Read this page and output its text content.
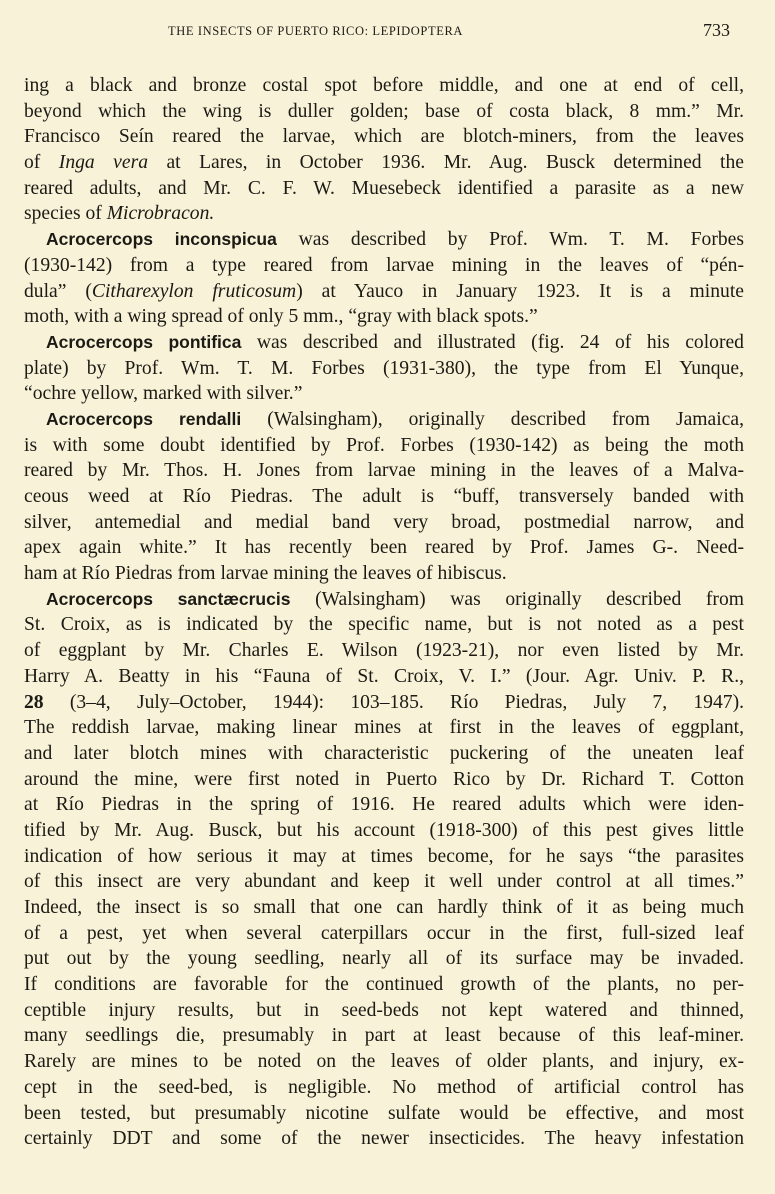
THE INSECTS OF PUERTO RICO: LEPIDOPTERA	733
ing a black and bronze costal spot before middle, and one at end of cell,
beyond which the wing is duller golden; base of costa black, 8 mm.” Mr.
Francisco Seín reared the larvae, which are blotch-miners, from the leaves
of Inga vera at Lares, in October 1936. Mr. Aug. Busck determined the
reared adults, and Mr. C. F. W. Muesebeck identified a parasite as a new
species of Microbracon.
Acrocercops inconspicua was described by Prof. Wm. T. M. Forbes
(1930-142) from a type reared from larvae mining in the leaves of “pén-
dula” (Citharexylon fruticosum) at Yauco in January 1923. It is a minute
moth, with a wing spread of only 5 mm., “gray with black spots.”
Acrocercops pontifica was described and illustrated (fig. 24 of his colored
plate) by Prof. Wm. T. M. Forbes (1931-380), the type from El Yunque,
“ochre yellow, marked with silver.”
Acrocercops rendalli (Walsingham), originally described from Jamaica,
is with some doubt identified by Prof. Forbes (1930-142) as being the moth
reared by Mr. Thos. H. Jones from larvae mining in the leaves of a Malva-
ceous weed at Río Piedras. The adult is “buff, transversely banded with
silver, antemedial and medial band very broad, postmedial narrow, and
apex again white.” It has recently been reared by Prof. James G-. Need-
ham at Río Piedras from larvae mining the leaves of hibiscus.
Acrocercops sanctæcrucis (Walsingham) was originally described from
St. Croix, as is indicated by the specific name, but is not noted as a pest
of eggplant by Mr. Charles E. Wilson (1923-21), nor even listed by Mr.
Harry A. Beatty in his “Fauna of St. Croix, V. I.” (Jour. Agr. Univ. P. R.,
28 (3–4, July–October, 1944): 103–185. Río Piedras, July 7, 1947).
The reddish larvae, making linear mines at first in the leaves of eggplant,
and later blotch mines with characteristic puckering of the uneaten leaf
around the mine, were first noted in Puerto Rico by Dr. Richard T. Cotton
at Río Piedras in the spring of 1916. He reared adults which were iden-
tified by Mr. Aug. Busck, but his account (1918-300) of this pest gives little
indication of how serious it may at times become, for he says “the parasites
of this insect are very abundant and keep it well under control at all times.”
Indeed, the insect is so small that one can hardly think of it as being much
of a pest, yet when several caterpillars occur in the first, full-sized leaf
put out by the young seedling, nearly all of its surface may be invaded.
If conditions are favorable for the continued growth of the plants, no per-
ceptible injury results, but in seed-beds not kept watered and thinned,
many seedlings die, presumably in part at least because of this leaf-miner.
Rarely are mines to be noted on the leaves of older plants, and injury, ex-
cept in the seed-bed, is negligible. No method of artificial control has
been tested, but presumably nicotine sulfate would be effective, and most
certainly DDT and some of the newer insecticides. The heavy infestation
